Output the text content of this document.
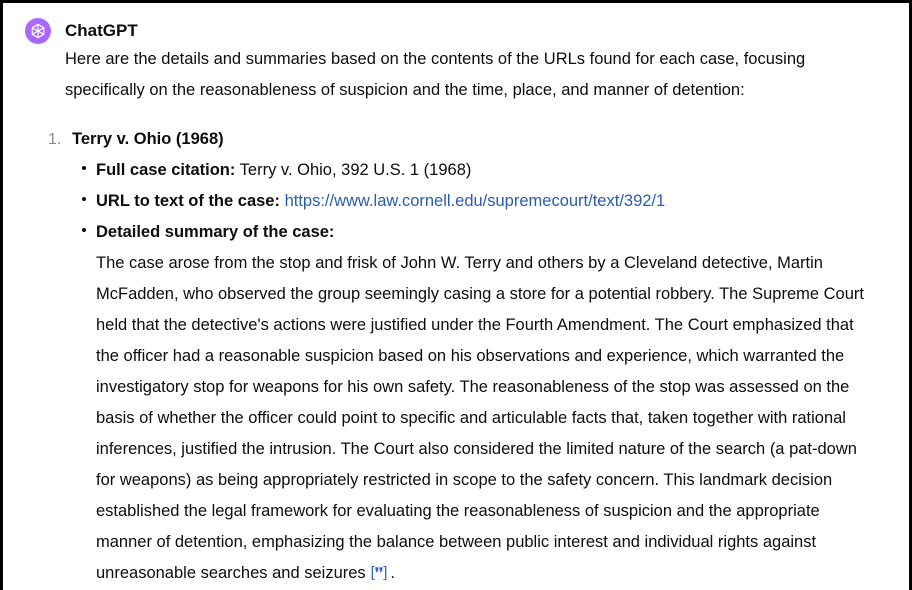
ChatGPT

Here are the details and summaries based on the contents of the URLs found for each case, focusing specifically on the reasonableness of suspicion and the time, place, and manner of detention:

1. Terry v. Ohio (1968)
Full case citation: Terry v. Ohio, 392 U.S. 1 (1968)
URL to text of the case: https://www.law.cornell.edu/supremecourt/text/392/1
Detailed summary of the case:
The case arose from the stop and frisk of John W. Terry and others by a Cleveland detective, Martin McFadden, who observed the group seemingly casing a store for a potential robbery. The Supreme Court held that the detective's actions were justified under the Fourth Amendment. The Court emphasized that the officer had a reasonable suspicion based on his observations and experience, which warranted the investigatory stop for weapons for his own safety. The reasonableness of the stop was assessed on the basis of whether the officer could point to specific and articulable facts that, taken together with rational inferences, justified the intrusion. The Court also considered the limited nature of the search (a pat-down for weapons) as being appropriately restricted in scope to the safety concern. This landmark decision established the legal framework for evaluating the reasonableness of suspicion and the appropriate manner of detention, emphasizing the balance between public interest and individual rights against unreasonable searches and seizures [ ❜❜ ] .
